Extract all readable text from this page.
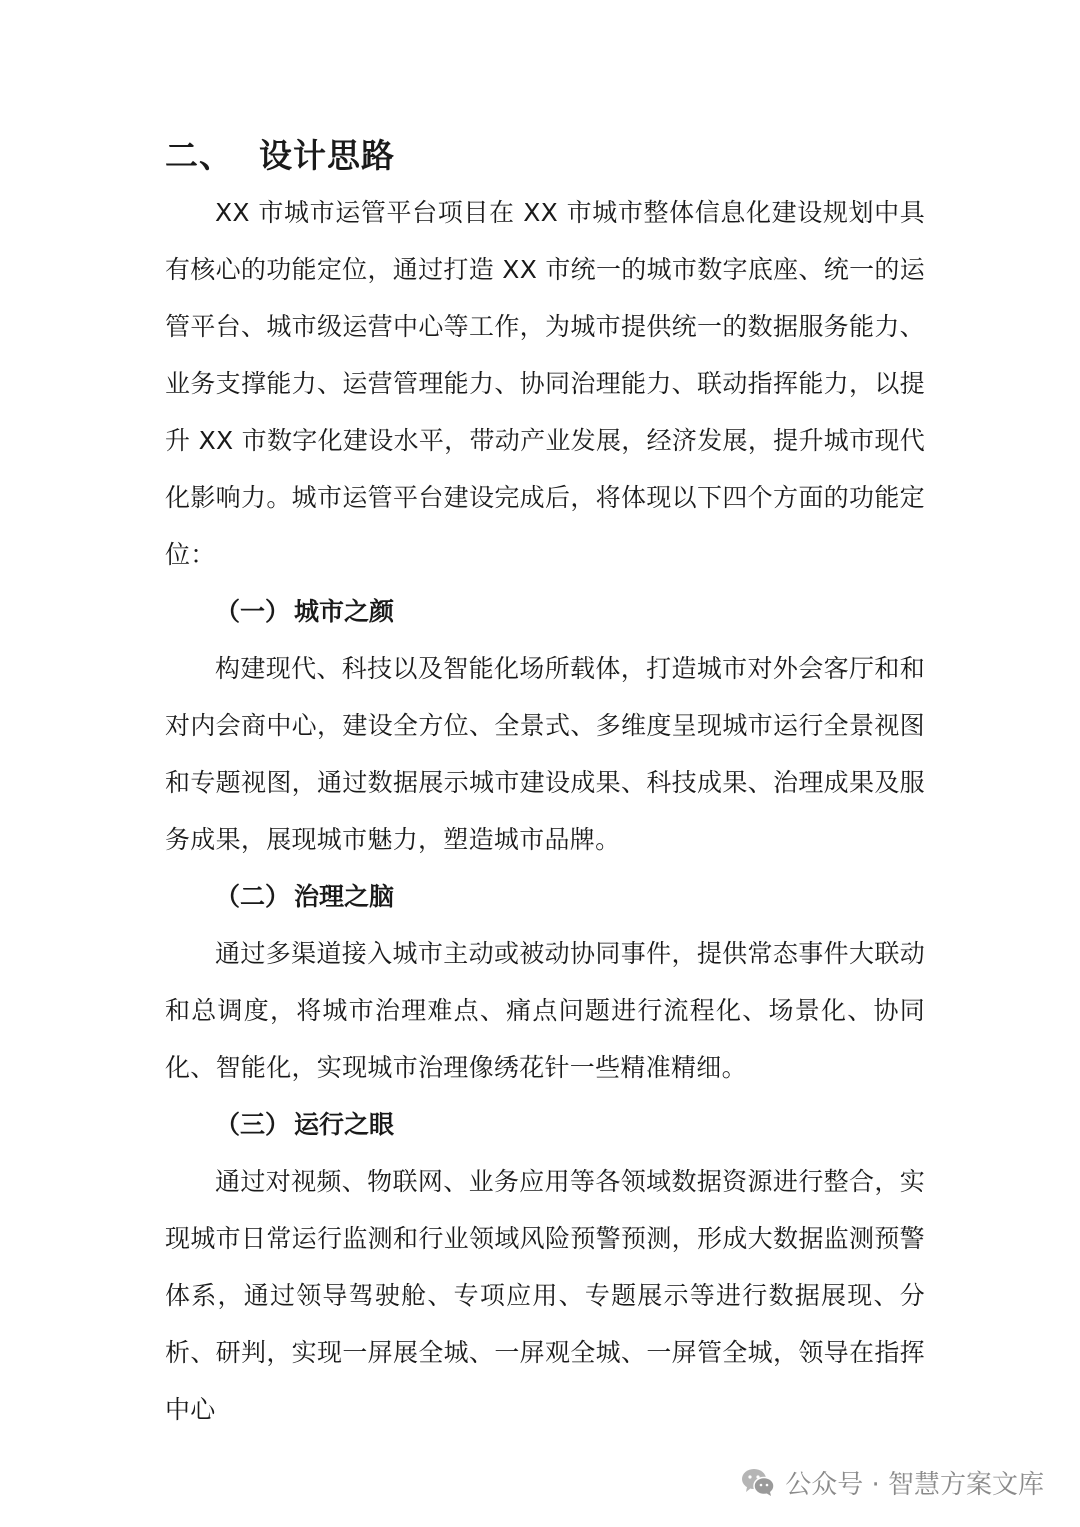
二、 设计思路

XX 市城市运管平台项目在 XX 市城市整体信息化建设规划中具有核心的功能定位，通过打造 XX 市统一的城市数字底座、统一的运管平台、城市级运营中心等工作，为城市提供统一的数据服务能力、业务支撑能力、运营管理能力、协同治理能力、联动指挥能力，以提升 XX 市数字化建设水平，带动产业发展，经济发展，提升城市现代化影响力。城市运管平台建设完成后，将体现以下四个方面的功能定位：

（一） 城市之颜

构建现代、科技以及智能化场所载体，打造城市对外会客厅和和对内会商中心，建设全方位、全景式、多维度呈现城市运行全景视图和专题视图，通过数据展示城市建设成果、科技成果、治理成果及服务成果，展现城市魅力，塑造城市品牌。

（二） 治理之脑

通过多渠道接入城市主动或被动协同事件，提供常态事件大联动和总调度，将城市治理难点、痛点问题进行流程化、场景化、协同化、智能化，实现城市治理像绣花针一些精准精细。

（三） 运行之眼

通过对视频、物联网、业务应用等各领域数据资源进行整合，实现城市日常运行监测和行业领域风险预警预测，形成大数据监测预警体系，通过领导驾驶舱、专项应用、专题展示等进行数据展现、分析、研判，实现一屏展全城、一屏观全城、一屏管全城，领导在指挥中心

公众号 · 智慧方案文库
